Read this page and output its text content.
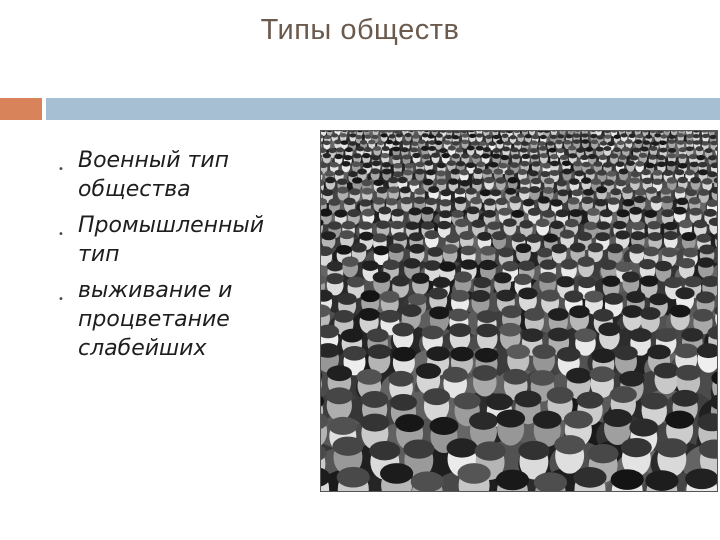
Типы обществ
• Военный тип общества
• Промышленный тип
• выживание и процветание слабейших
